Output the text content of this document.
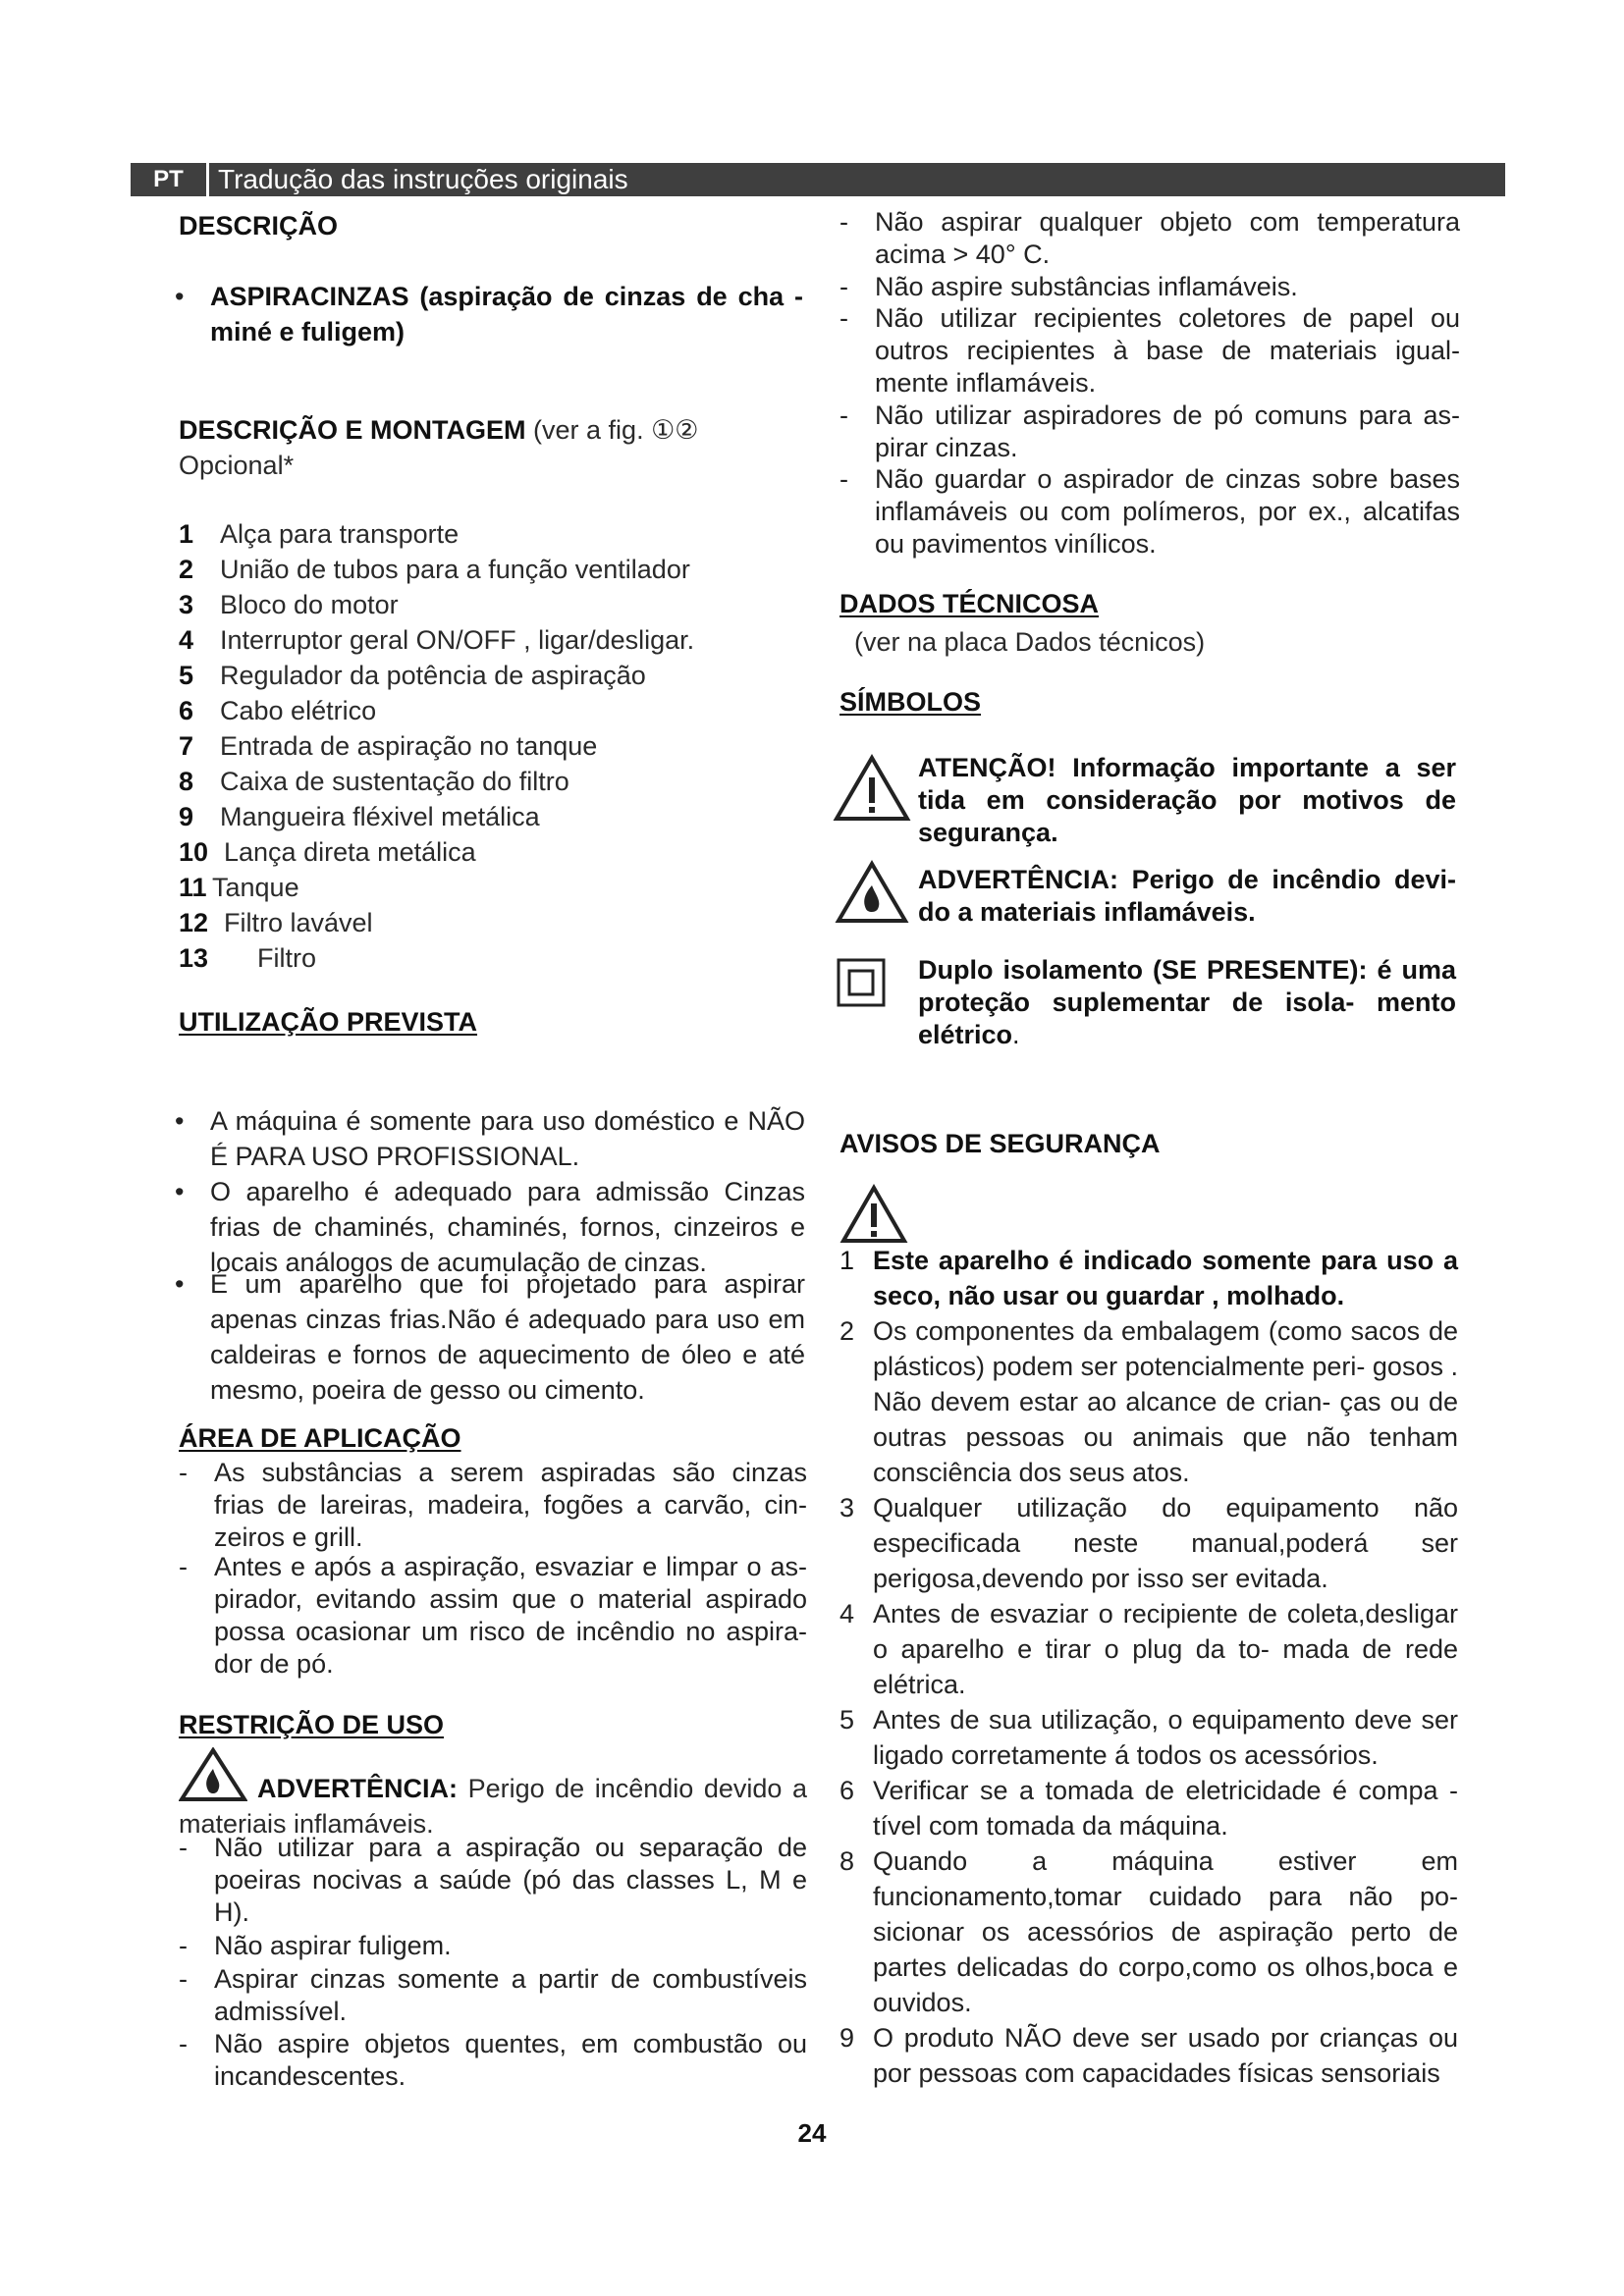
PT	Tradução das instruções originais
DESCRIÇÃO
• ASPIRACINZAS (aspiração de cinzas de cha - miné e fuligem)
DESCRIÇÃO E MONTAGEM (ver a fig. ①②
Opcional*
1 Alça para transporte
2 União de tubos para a função ventilador
3 Bloco do motor
4 Interruptor geral ON/OFF , ligar/desligar.
5 Regulador da potência de aspiração
6 Cabo elétrico
7 Entrada de aspiração no tanque
8 Caixa de sustentação do filtro
9 Mangueira fléxivel metálica
10 Lança direta metálica
11 Tanque
12 Filtro lavável
13 Filtro
UTILIZAÇÃO PREVISTA
• A máquina é somente para uso doméstico e NÃO É PARA USO PROFISSIONAL.
• O aparelho é adequado para admissão Cinzas frias de chaminés, chaminés, fornos, cinzeiros e locais análogos de acumulação de cinzas.
• É um aparelho que foi projetado para aspirar apenas cinzas frias.Não é adequado para uso em caldeiras e fornos de aquecimento de óleo e até mesmo, poeira de gesso ou cimento.
ÁREA DE APLICAÇÃO
- As substâncias a serem aspiradas são cinzas frias de lareiras, madeira, fogões a carvão, cin- zeiros e grill.
- Antes e após a aspiração, esvaziar e limpar o as- pirador, evitando assim que o material aspirado possa ocasionar um risco de incêndio no aspira- dor de pó.
RESTRIÇÃO DE USO
ADVERTÊNCIA: Perigo de incêndio devido a materiais inflamáveis.
- Não utilizar para a aspiração ou separação de poeiras nocivas a saúde (pó das classes L, M e H).
- Não aspirar fuligem.
- Aspirar cinzas somente a partir de combustíveis admissível.
- Não aspire objetos quentes, em combustão ou incandescentes.
- Não aspirar qualquer objeto com temperatura acima > 40° C.
- Não aspire substâncias inflamáveis.
- Não utilizar recipientes coletores de papel ou outros recipientes à base de materiais igual- mente inflamáveis.
- Não utilizar aspiradores de pó comuns para as- pirar cinzas.
- Não guardar o aspirador de cinzas sobre bases inflamáveis ou com polímeros, por ex., alcatifas ou pavimentos vinílicos.
DADOS TÉCNICOSA
(ver na placa Dados técnicos)
SÍMBOLOS
ATENÇÃO! Informação importante a ser tida em consideração por motivos de segurança.
ADVERTÊNCIA: Perigo de incêndio devi- do a materiais inflamáveis.
Duplo isolamento (SE PRESENTE): é uma proteção suplementar de isola- mento elétrico.
AVISOS DE SEGURANÇA
1 Este aparelho é indicado somente para uso a seco, não usar ou guardar , molhado.
2 Os componentes da embalagem (como sacos de plásticos) podem ser potencialmente peri- gosos . Não devem estar ao alcance de crian- ças ou de outras pessoas ou animais que não tenham consciência dos seus atos.
3 Qualquer utilização do equipamento não especificada neste manual,poderá ser perigosa,devendo por isso ser evitada.
4 Antes de esvaziar o recipiente de coleta,desligar o aparelho e tirar o plug da to- mada de rede elétrica.
5 Antes de sua utilização, o equipamento deve ser ligado corretamente á todos os acessórios.
6 Verificar se a tomada de eletricidade é compa - tível com tomada da máquina.
8 Quando a máquina estiver em funcionamento,tomar cuidado para não po- sicionar os acessórios de aspiração perto de partes delicadas do corpo,como os olhos,boca e ouvidos.
9 O produto NÃO deve ser usado por crianças ou por pessoas com capacidades físicas sensoriais
24
